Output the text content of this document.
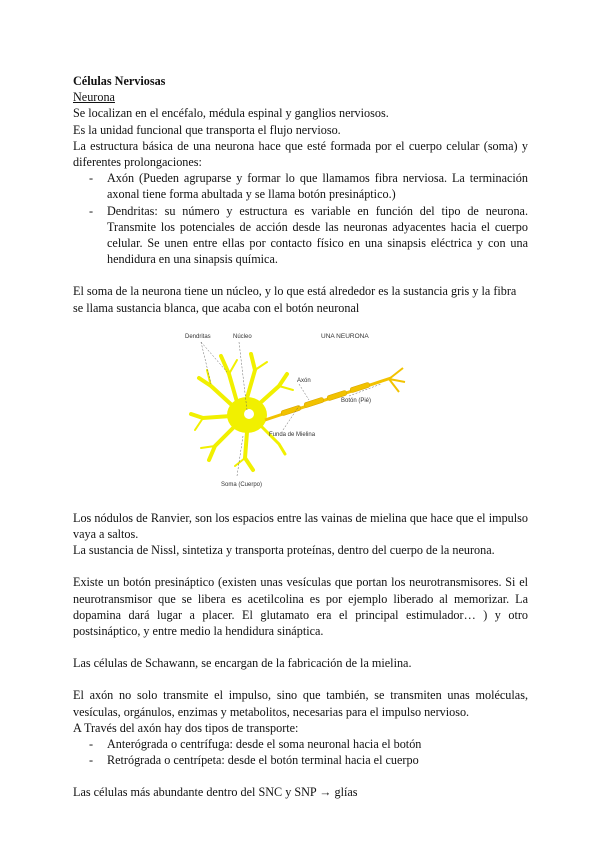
Células Nerviosas

Neurona

Se localizan en el encéfalo, médula espinal y ganglios nerviosos.

Es la unidad funcional que transporta el flujo nervioso.

La estructura básica de una neurona hace que esté formada por el cuerpo celular (soma) y diferentes prolongaciones:

- Axón (Pueden agruparse y formar lo que llamamos fibra nerviosa. La terminación axonal tiene forma abultada y se llama botón presináptico.)
- Dendritas: su número y estructura es variable en función del tipo de neurona. Transmite los potenciales de acción desde las neuronas adyacentes hacia el cuerpo celular. Se unen entre ellas por contacto físico en una sinapsis eléctrica y con una hendidura en una sinapsis química.

El soma de la neurona tiene un núcleo, y lo que está alrededor es la sustancia gris y la fibra se llama sustancia blanca, que acaba con el botón neuronal

Dendritas	Núcleo	UNA NEURONA
Axón
Botón (Pié)
Funda de Mielina
Soma (Cuerpo)

Los nódulos de Ranvier, son los espacios entre las vainas de mielina que hace que el impulso vaya a saltos.

La sustancia de Nissl, sintetiza y transporta proteínas, dentro del cuerpo de la neurona.

Existe un botón presináptico (existen unas vesículas que portan los neurotransmisores. Si el neurotransmisor que se libera es acetilcolina es por ejemplo liberado al memorizar. La dopamina dará lugar a placer. El glutamato era el principal estimulador… ) y otro postsináptico, y entre medio la hendidura sináptica.

Las células de Schawann, se encargan de la fabricación de la mielina.

El axón no solo transmite el impulso, sino que también, se transmiten unas moléculas, vesículas, orgánulos, enzimas y metabolitos, necesarias para el impulso nervioso.

A Través del axón hay dos tipos de transporte:

- Anterógrada o centrífuga: desde el soma neuronal hacia el botón
- Retrógrada o centrípeta: desde el botón terminal hacia el cuerpo

Las células más abundante dentro del SNC y SNP → glías
